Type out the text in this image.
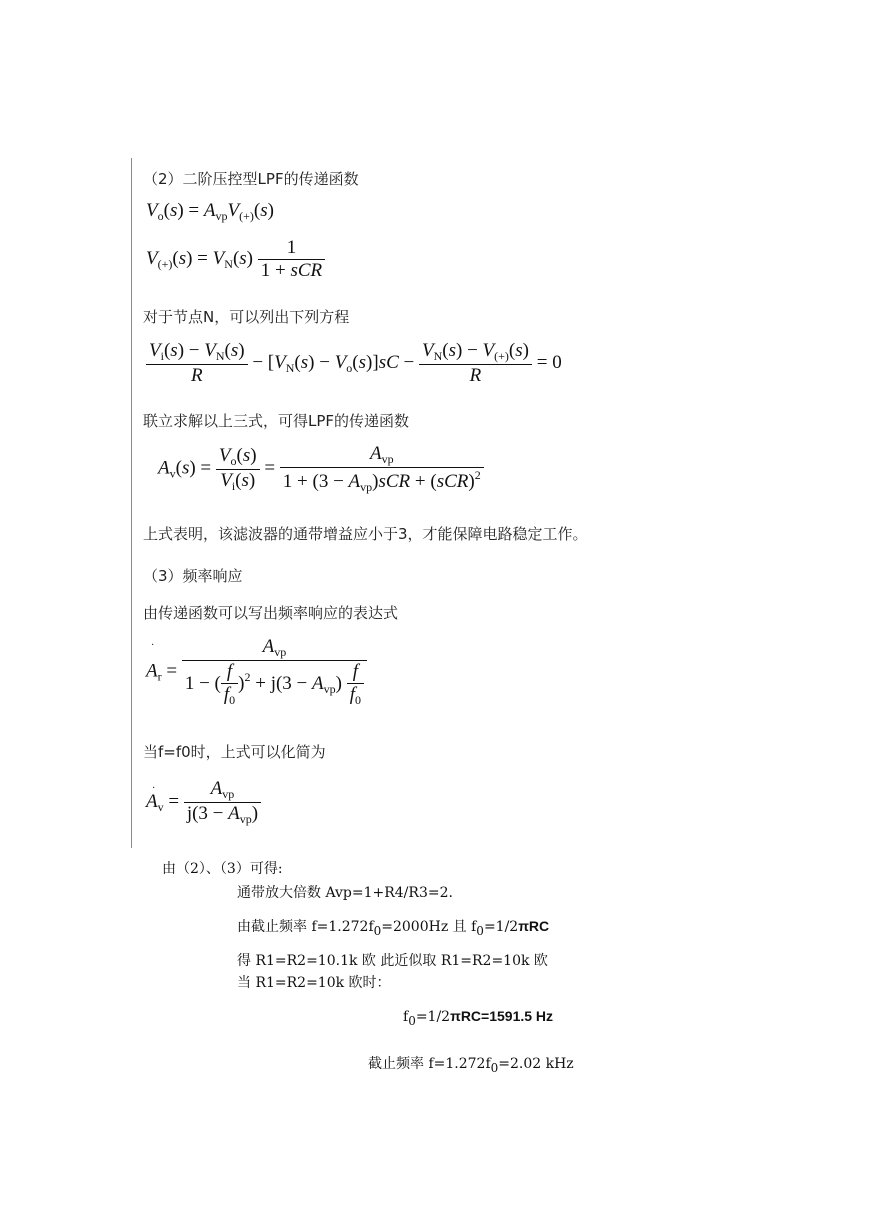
（2）二阶压控型LPF的传递函数
$V_o(s) = A_{vp}V_{(+)}(s)$
$V_{(+)}(s) = V_N(s) \frac{1}{\text{1 + sCR}}$
对于节点N，可以列出下列方程
$\frac{V_i(s) - V_N(s)}{R} - [V_N(s) - V_o(s)]sC - \frac{V_N(s) - V_{(+)}(s)}{R} = 0$
联立求解以上三式，可得LPF的传递函数
$A_v(s) = \frac{V_o(s)}{V_i(s)} = \frac{A_{vp}}{1 + (3 - A_{vp})sCR + (sCR)^2}$
上式表明，该滤波器的通带增益应小于3，才能保障电路稳定工作。
（3）频率响应
由传递函数可以写出频率响应的表达式
·
$A_r = \frac{A_{vp}}{1 - ( \frac{f}{f_0} )^2 + j(3 - A_{vp}) \frac{f}{f_0}}$
当f=f0时，上式可以化简为
·
$A_v = \frac{A_{vp}}{j(3 - A_{vp})}$
由（2）、（3）可得:
通带放大倍数 Avp=1+R4/R3=2.
由截止频率 f=1.272f0=2000Hz 且 f0=1/2πRC
得 R1=R2=10.1k 欧 此近似取 R1=R2=10k 欧
当 R1=R2=10k 欧时：
f0=1/2πRC=1591.5 Hz
截止频率 f=1.272f0=2.02 kHz
